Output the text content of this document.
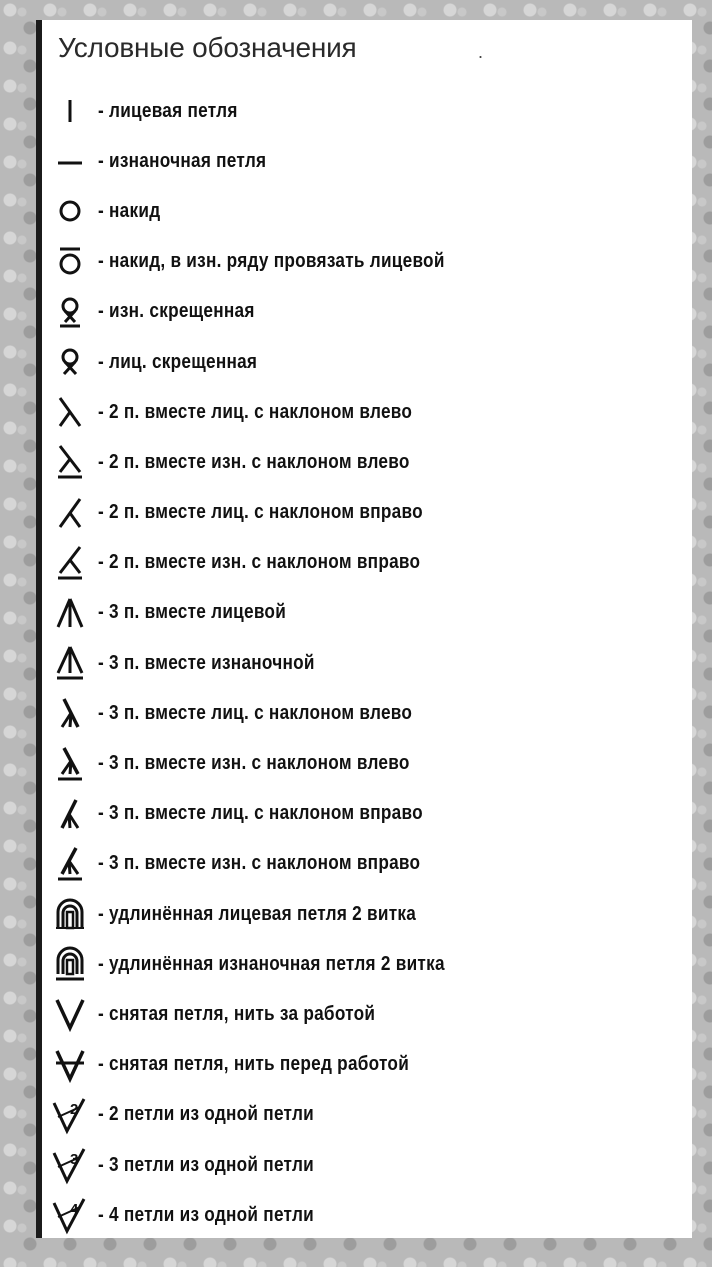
Условные обозначения	.
- лицевая петля
- изнаночная петля
- накид
- накид, в изн. ряду провязать лицевой
- изн. скрещенная
- лиц. скрещенная
- 2 п. вместе лиц. с наклоном влево
- 2 п. вместе изн. с наклоном влево
- 2 п. вместе лиц. с наклоном вправо
- 2 п. вместе изн. с наклоном вправо
- 3 п. вместе лицевой
- 3 п. вместе изнаночной
- 3 п. вместе лиц. с наклоном влево
- 3 п. вместе изн. с наклоном влево
- 3 п. вместе лиц. с наклоном вправо
- 3 п. вместе изн. с наклоном вправо
- удлинённая лицевая петля 2 витка
- удлинённая изнаночная петля 2 витка
- снятая петля, нить за работой
- снятая петля, нить перед работой
2 - 2 петли из одной петли
3 - 3 петли из одной петли
4 - 4 петли из одной петли
